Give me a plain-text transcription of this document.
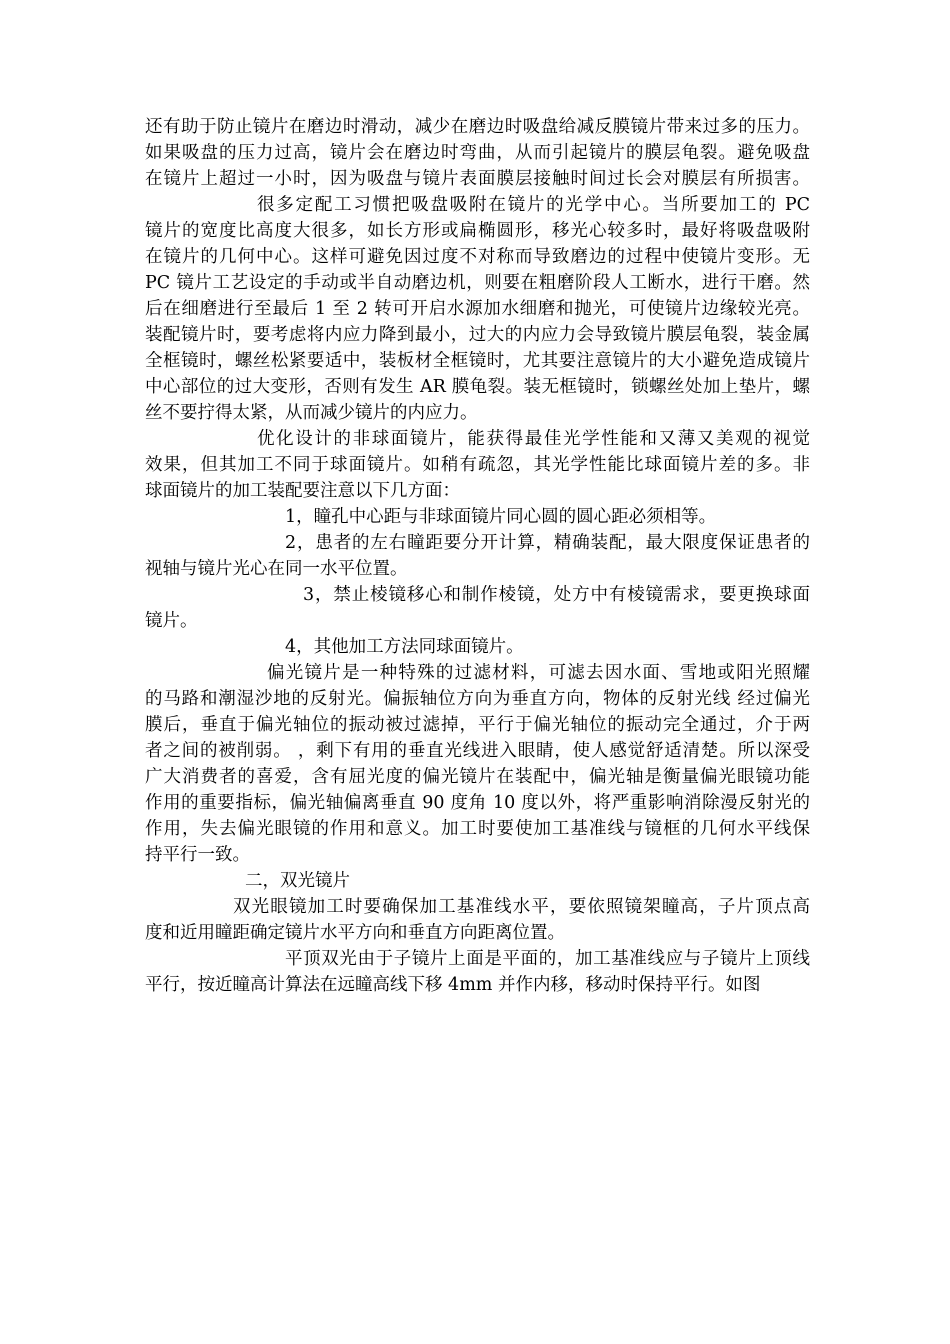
还有助于防止镜片在磨边时滑动，减少在磨边时吸盘给减反膜镜片带来过多的压力。
如果吸盘的压力过高，镜片会在磨边时弯曲，从而引起镜片的膜层龟裂。避免吸盘
在镜片上超过一小时，因为吸盘与镜片表面膜层接触时间过长会对膜层有所损害。
很多定配工习惯把吸盘吸附在镜片的光学中心。当所要加工的 PC
镜片的宽度比高度大很多，如长方形或扁椭圆形，移光心较多时，最好将吸盘吸附
在镜片的几何中心。这样可避免因过度不对称而导致磨边的过程中使镜片变形。无
PC 镜片工艺设定的手动或半自动磨边机，则要在粗磨阶段人工断水，进行干磨。然
后在细磨进行至最后 1 至 2 转可开启水源加水细磨和抛光，可使镜片边缘较光亮。
装配镜片时，要考虑将内应力降到最小，过大的内应力会导致镜片膜层龟裂，装金属
全框镜时，螺丝松紧要适中，装板材全框镜时，尤其要注意镜片的大小避免造成镜片
中心部位的过大变形，否则有发生 AR 膜龟裂。装无框镜时，锁螺丝处加上垫片，螺
丝不要拧得太紧，从而减少镜片的内应力。
优化设计的非球面镜片，能获得最佳光学性能和又薄又美观的视觉
效果，但其加工不同于球面镜片。如稍有疏忽，其光学性能比球面镜片差的多。非
球面镜片的加工装配要注意以下几方面：
1，瞳孔中心距与非球面镜片同心圆的圆心距必须相等。
2，患者的左右瞳距要分开计算，精确装配，最大限度保证患者的
视轴与镜片光心在同一水平位置。
3，禁止棱镜移心和制作棱镜，处方中有棱镜需求，要更换球面
镜片。
4，其他加工方法同球面镜片。
偏光镜片是一种特殊的过滤材料，可滤去因水面、雪地或阳光照耀
的马路和潮湿沙地的反射光。偏振轴位方向为垂直方向，物体的反射光线 经过偏光
膜后，垂直于偏光轴位的振动被过滤掉，平行于偏光轴位的振动完全通过，介于两
者之间的被削弱。 ，剩下有用的垂直光线进入眼睛，使人感觉舒适清楚。所以深受
广大消费者的喜爱，含有屈光度的偏光镜片在装配中，偏光轴是衡量偏光眼镜功能
作用的重要指标，偏光轴偏离垂直 90 度角 10 度以外，将严重影响消除漫反射光的
作用，失去偏光眼镜的作用和意义。加工时要使加工基准线与镜框的几何水平线保
持平行一致。
二，双光镜片
双光眼镜加工时要确保加工基准线水平，要依照镜架瞳高，子片顶点高
度和近用瞳距确定镜片水平方向和垂直方向距离位置。
平顶双光由于子镜片上面是平面的，加工基准线应与子镜片上顶线
平行，按近瞳高计算法在远瞳高线下移 4mm 并作内移，移动时保持平行。如图
